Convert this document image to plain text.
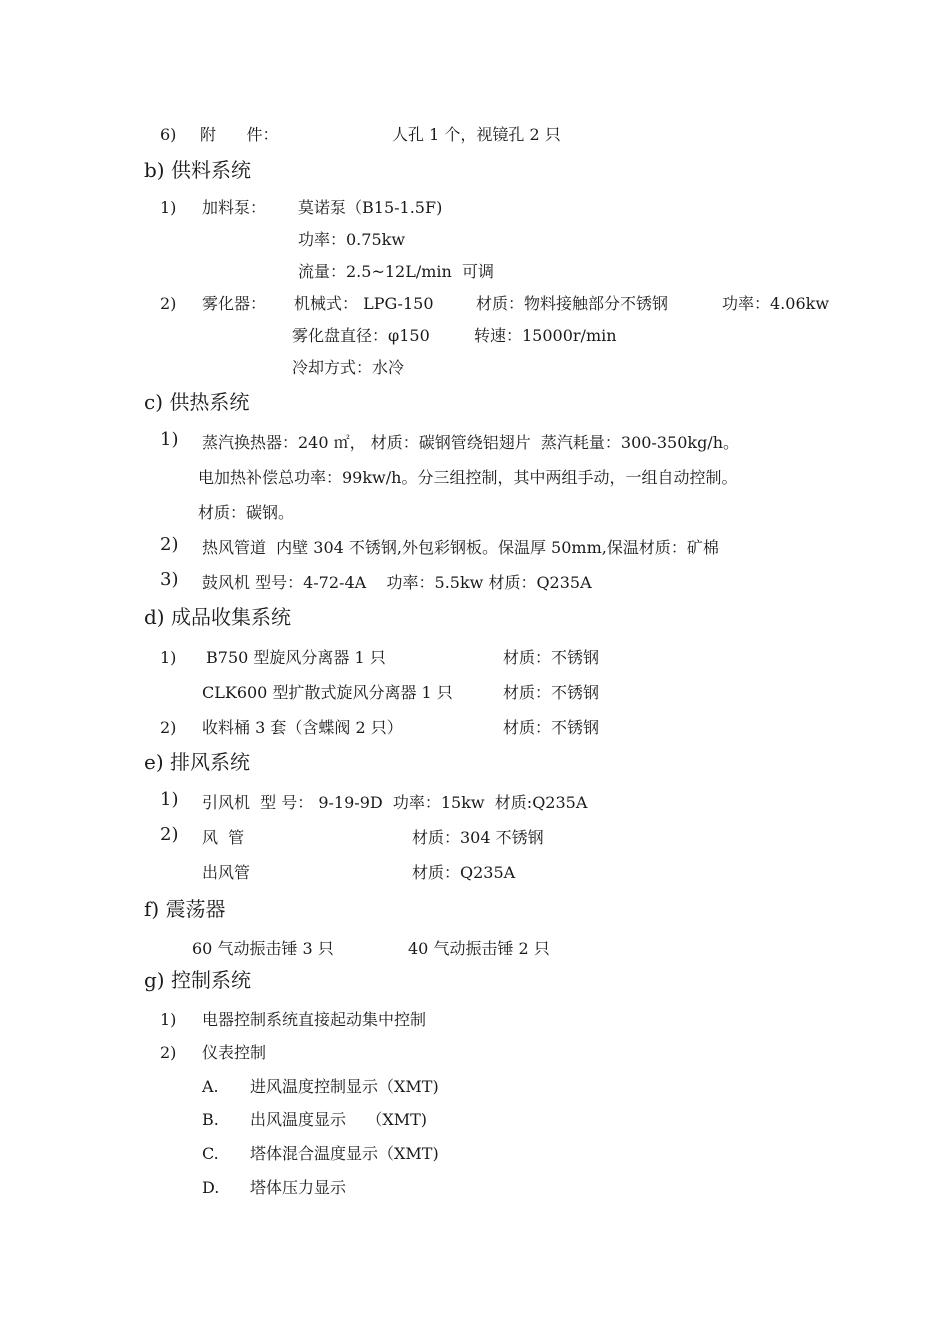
6) 附      件：	人孔 1 个，视镜孔 2 只
b) 供料系统
1) 加料泵： 莫诺泵（B15-1.5F)
功率：0.75kw
流量：2.5~12L/min  可调
2) 雾化器： 机械式： LPG-150	材质：物料接触部分不锈钢	功率：4.06kw
雾化盘直径：φ150	转速：15000r/min
冷却方式：水冷
c) 供热系统
1) 蒸汽换热器：240 ㎡， 材质：碳钢管绕铝翅片  蒸汽耗量：300-350kg/h。
电加热补偿总功率：99kw/h。分三组控制，其中两组手动，一组自动控制。
材质：碳钢。
2) 热风管道  内壁 304 不锈钢,外包彩钢板。保温厚 50mm,保温材质：矿棉
3) 鼓风机 型号：4-72-4A    功率：5.5kw 材质：Q235A
d) 成品收集系统
1) B750 型旋风分离器 1 只	材质：不锈钢
CLK600 型扩散式旋风分离器 1 只	材质：不锈钢
2) 收料桶 3 套（含蝶阀 2 只）	材质：不锈钢
e) 排风系统
1) 引风机  型 号： 9-19-9D  功率：15kw  材质:Q235A
2) 风  管	材质：304 不锈钢
出风管	材质：Q235A
f) 震荡器
60 气动振击锤 3 只	40 气动振击锤 2 只
g) 控制系统
1) 电器控制系统直接起动集中控制
2) 仪表控制
A. 进风温度控制显示（XMT)
B. 出风温度显示    （XMT)
C. 塔体混合温度显示（XMT)
D. 塔体压力显示
